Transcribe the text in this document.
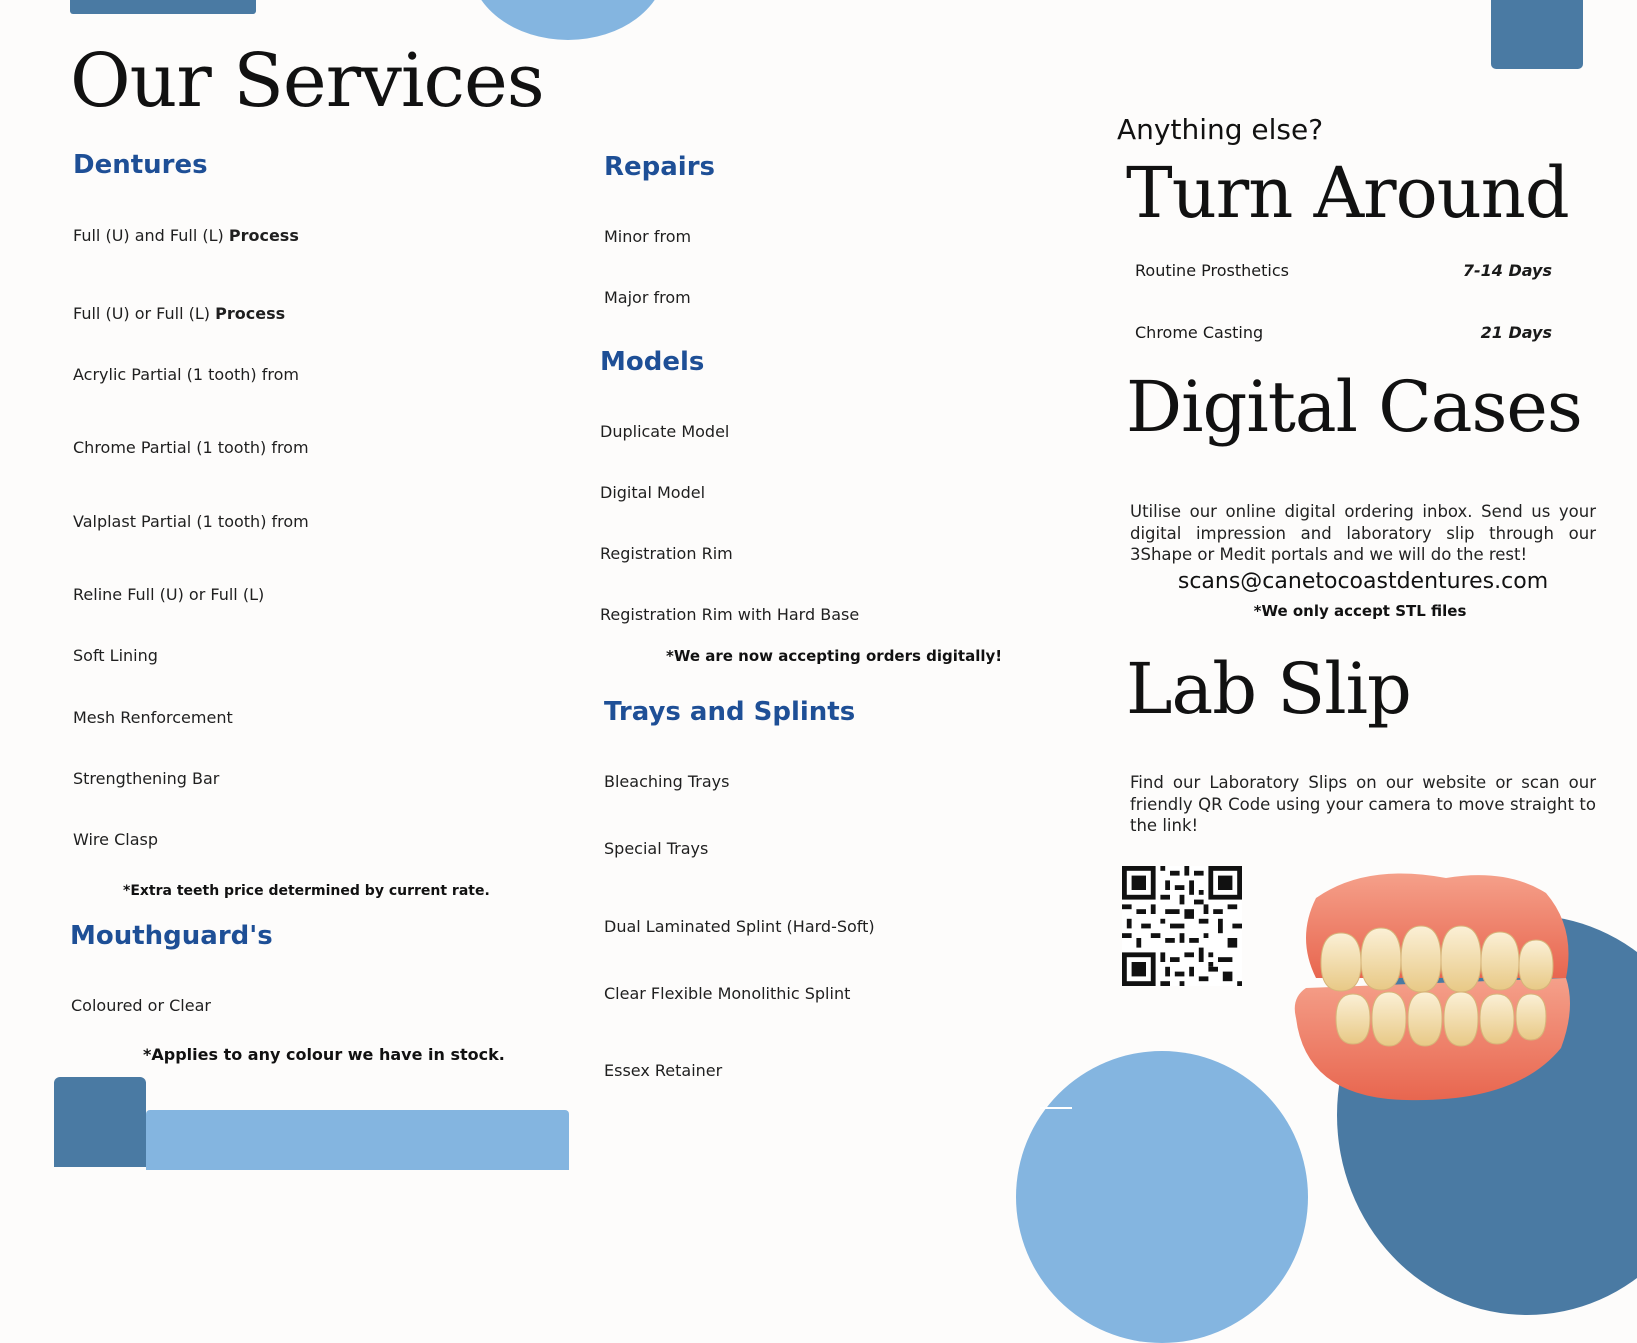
Our Services
Dentures
Full (U) and Full (L) Process
Full (U) or Full (L) Process
Acrylic Partial (1 tooth) from
Chrome Partial (1 tooth) from
Valplast Partial (1 tooth) from
Reline Full (U) or Full (L)
Soft Lining
Mesh Renforcement
Strengthening Bar
Wire Clasp
*Extra teeth price determined by current rate.
Mouthguard's
Coloured or Clear
*Applies to any colour we have in stock.
Repairs
Minor from
Major from
Models
Duplicate Model
Digital Model
Registration Rim
Registration Rim with Hard Base
*We are now accepting orders digitally!
Trays and Splints
Bleaching Trays
Special Trays
Dual Laminated Splint (Hard-Soft)
Clear Flexible Monolithic Splint
Essex Retainer
Anything else?
Turn Around
Routine Prosthetics	7-14 Days
Chrome Casting	21 Days
Digital Cases
Utilise our online digital ordering inbox. Send us your digital impression and laboratory slip through our 3Shape or Medit portals and we will do the rest!
scans@canetocoastdentures.com
*We only accept STL files
Lab Slip
Find our Laboratory Slips on our website or scan our friendly QR Code using your camera to move straight to the link!
